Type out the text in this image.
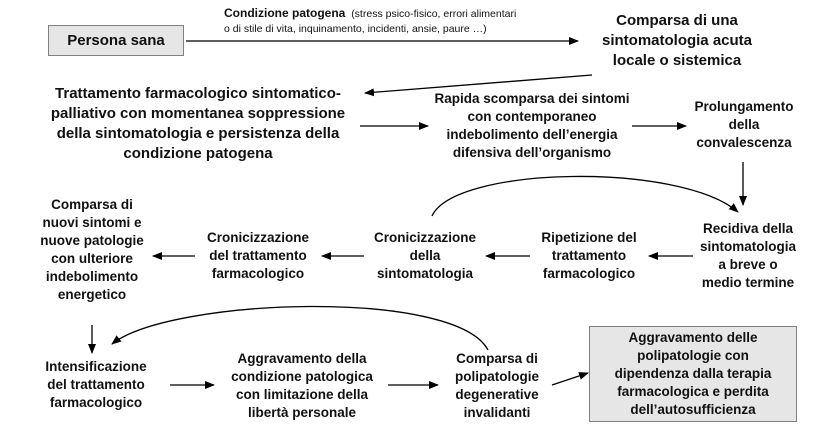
Persona sana
Condizione patogena (stress psico-fisico, errori alimentari
o di stile di vita, inquinamento, incidenti, ansie, paure …)	Comparsa di una
sintomatologia acuta
locale o sistemica
Trattamento farmacologico sintomatico-
palliativo con momentanea soppressione
della sintomatologia e persistenza della
condizione patogena
Rapida scomparsa dei sintomi
con contemporaneo
indebolimento dell’energia
difensiva dell’organismo
Prolungamento
della
convalescenza
Recidiva della
sintomatologia
a breve o
medio termine
Ripetizione del
trattamento
farmacologico
Cronicizzazione
della
sintomatologia
Cronicizzazione
del trattamento
farmacologico
Comparsa di
nuovi sintomi e
nuove patologie
con ulteriore
indebolimento
energetico
Intensificazione
del trattamento
farmacologico
Aggravamento della
condizione patologica
con limitazione della
libertà personale
Comparsa di
polipatologie
degenerative
invalidanti
Aggravamento delle
polipatologie con
dipendenza dalla terapia
farmacologica e perdita
dell’autosufficienza
